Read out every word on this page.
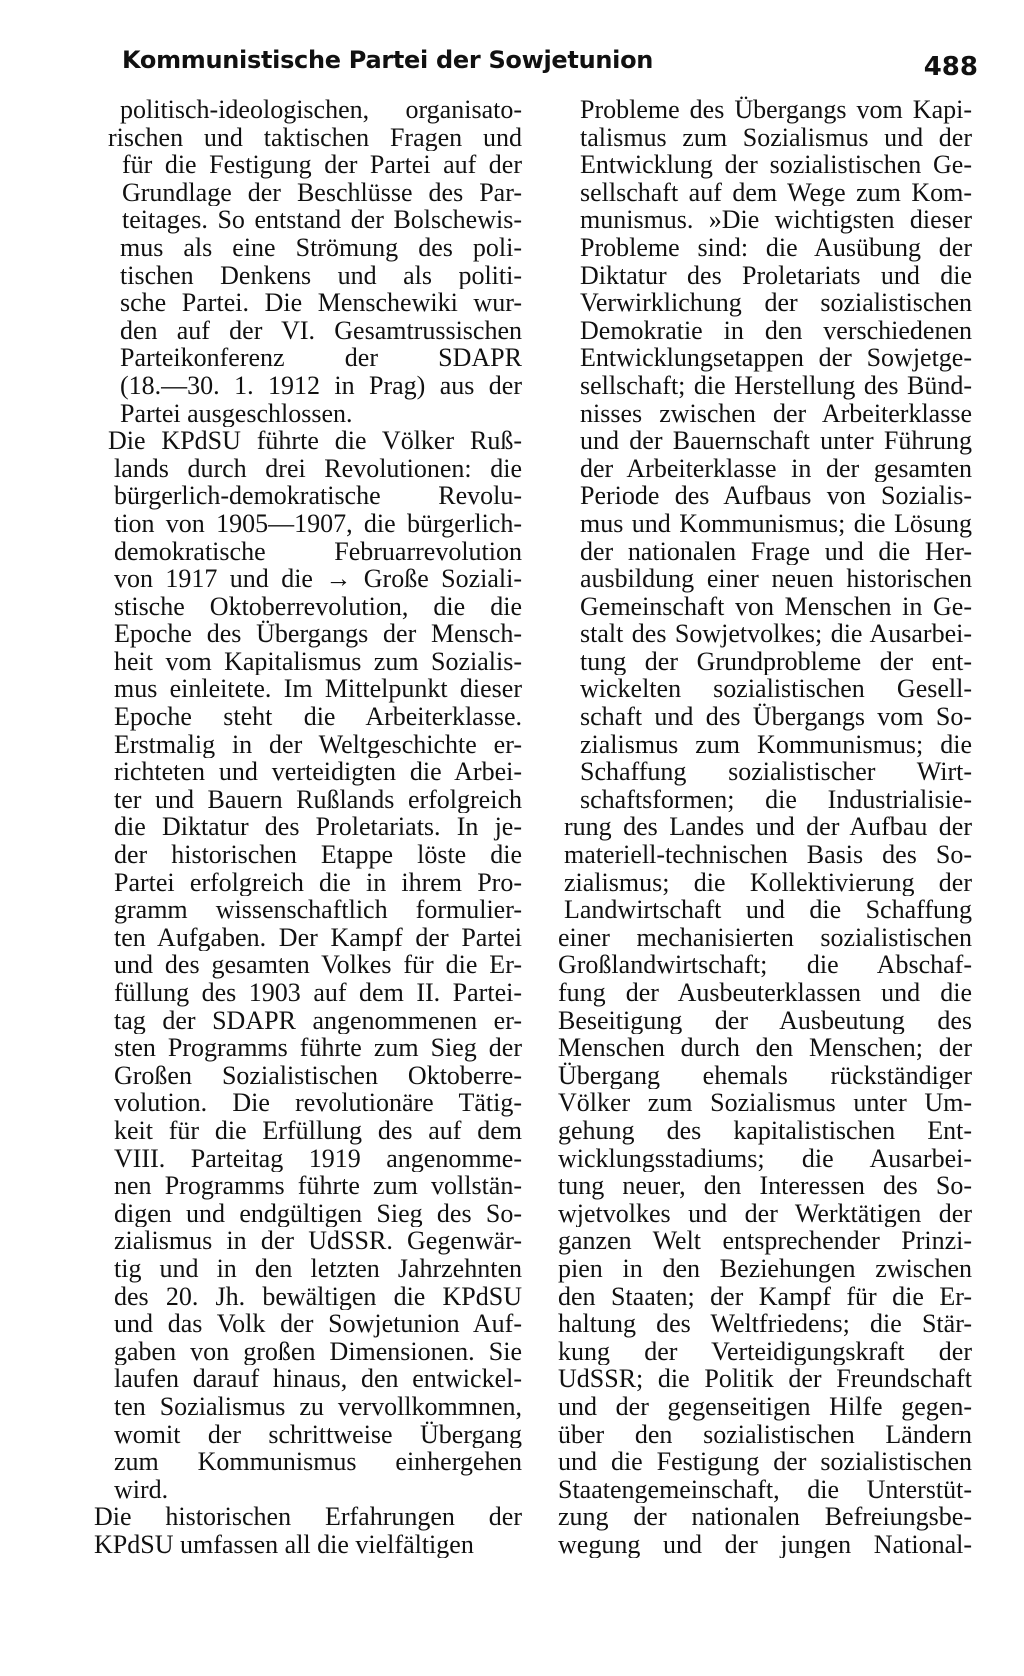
Kommunistische Partei der Sowjetunion	488
politisch-ideologischen, organisato-
rischen und taktischen Fragen und
für die Festigung der Partei auf der
Grundlage der Beschlüsse des Par-
teitages. So entstand der Bolschewis-
mus als eine Strömung des poli-
tischen Denkens und als politi-
sche Partei. Die Menschewiki wur-
den auf der VI. Gesamtrussischen
Parteikonferenz der SDAPR
(18.—30. 1. 1912 in Prag) aus der
Partei ausgeschlossen.
Die KPdSU führte die Völker Ruß-
lands durch drei Revolutionen: die
bürgerlich-demokratische Revolu-
tion von 1905—1907, die bürgerlich-
demokratische Februarrevolution
von 1917 und die → Große Soziali-
stische Oktoberrevolution, die die
Epoche des Übergangs der Mensch-
heit vom Kapitalismus zum Sozialis-
mus einleitete. Im Mittelpunkt dieser
Epoche steht die Arbeiterklasse.
Erstmalig in der Weltgeschichte er-
richteten und verteidigten die Arbei-
ter und Bauern Rußlands erfolgreich
die Diktatur des Proletariats. In je-
der historischen Etappe löste die
Partei erfolgreich die in ihrem Pro-
gramm wissenschaftlich formulier-
ten Aufgaben. Der Kampf der Partei
und des gesamten Volkes für die Er-
füllung des 1903 auf dem II. Partei-
tag der SDAPR angenommenen er-
sten Programms führte zum Sieg der
Großen Sozialistischen Oktoberre-
volution. Die revolutionäre Tätig-
keit für die Erfüllung des auf dem
VIII. Parteitag 1919 angenomme-
nen Programms führte zum vollstän-
digen und endgültigen Sieg des So-
zialismus in der UdSSR. Gegenwär-
tig und in den letzten Jahrzehnten
des 20. Jh. bewältigen die KPdSU
und das Volk der Sowjetunion Auf-
gaben von großen Dimensionen. Sie
laufen darauf hinaus, den entwickel-
ten Sozialismus zu vervollkommnen,
womit der schrittweise Übergang
zum Kommunismus einhergehen
wird.
Die historischen Erfahrungen der
KPdSU umfassen all die vielfältigen
Probleme des Übergangs vom Kapi-
talismus zum Sozialismus und der
Entwicklung der sozialistischen Ge-
sellschaft auf dem Wege zum Kom-
munismus. »Die wichtigsten dieser
Probleme sind: die Ausübung der
Diktatur des Proletariats und die
Verwirklichung der sozialistischen
Demokratie in den verschiedenen
Entwicklungsetappen der Sowjetge-
sellschaft; die Herstellung des Bünd-
nisses zwischen der Arbeiterklasse
und der Bauernschaft unter Führung
der Arbeiterklasse in der gesamten
Periode des Aufbaus von Sozialis-
mus und Kommunismus; die Lösung
der nationalen Frage und die Her-
ausbildung einer neuen historischen
Gemeinschaft von Menschen in Ge-
stalt des Sowjetvolkes; die Ausarbei-
tung der Grundprobleme der ent-
wickelten sozialistischen Gesell-
schaft und des Übergangs vom So-
zialismus zum Kommunismus; die
Schaffung sozialistischer Wirt-
schaftsformen; die Industrialisie-
rung des Landes und der Aufbau der
materiell-technischen Basis des So-
zialismus; die Kollektivierung der
Landwirtschaft und die Schaffung
einer mechanisierten sozialistischen
Großlandwirtschaft; die Abschaf-
fung der Ausbeuterklassen und die
Beseitigung der Ausbeutung des
Menschen durch den Menschen; der
Übergang ehemals rückständiger
Völker zum Sozialismus unter Um-
gehung des kapitalistischen Ent-
wicklungsstadiums; die Ausarbei-
tung neuer, den Interessen des So-
wjetvolkes und der Werktätigen der
ganzen Welt entsprechender Prinzi-
pien in den Beziehungen zwischen
den Staaten; der Kampf für die Er-
haltung des Weltfriedens; die Stär-
kung der Verteidigungskraft der
UdSSR; die Politik der Freundschaft
und der gegenseitigen Hilfe gegen-
über den sozialistischen Ländern
und die Festigung der sozialistischen
Staatengemeinschaft, die Unterstüt-
zung der nationalen Befreiungsbe-
wegung und der jungen National-
